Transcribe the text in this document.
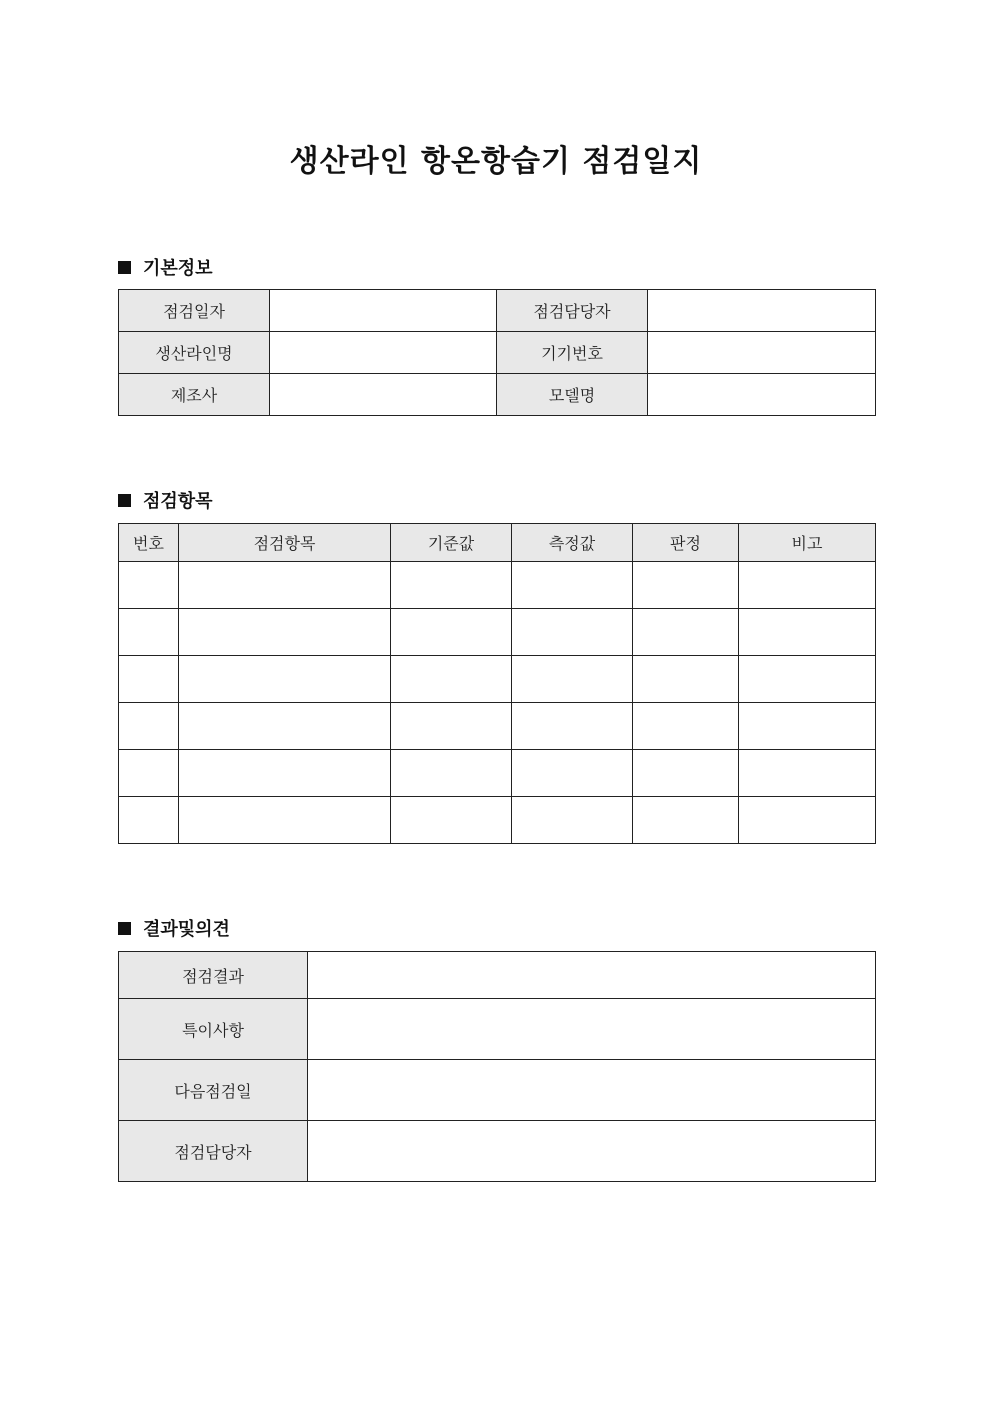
생산라인 항온항습기 점검일지
기본정보
점검일자		점검담당자	
생산라인명		기기번호	
제조사		모델명	
점검항목
번호	점검항목	기준값	측정값	판정	비고

결과및의견
점검결과	
특이사항	
다음점검일	
점검담당자	
